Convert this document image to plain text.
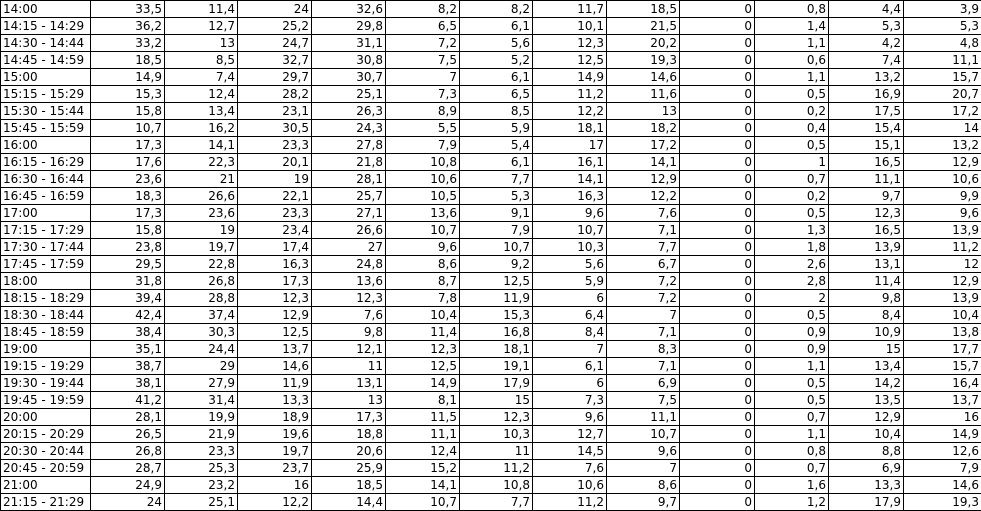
14:00	33,5	11,4	24	32,6	8,2	8,2	11,7	18,5	0	0,8	4,4	3,9
14:15 - 14:29	36,2	12,7	25,2	29,8	6,5	6,1	10,1	21,5	0	1,4	5,3	5,3
14:30 - 14:44	33,2	13	24,7	31,1	7,2	5,6	12,3	20,2	0	1,1	4,2	4,8
14:45 - 14:59	18,5	8,5	32,7	30,8	7,5	5,2	12,5	19,3	0	0,6	7,4	11,1
15:00	14,9	7,4	29,7	30,7	7	6,1	14,9	14,6	0	1,1	13,2	15,7
15:15 - 15:29	15,3	12,4	28,2	25,1	7,3	6,5	11,2	11,6	0	0,5	16,9	20,7
15:30 - 15:44	15,8	13,4	23,1	26,3	8,9	8,5	12,2	13	0	0,2	17,5	17,2
15:45 - 15:59	10,7	16,2	30,5	24,3	5,5	5,9	18,1	18,2	0	0,4	15,4	14
16:00	17,3	14,1	23,3	27,8	7,9	5,4	17	17,2	0	0,5	15,1	13,2
16:15 - 16:29	17,6	22,3	20,1	21,8	10,8	6,1	16,1	14,1	0	1	16,5	12,9
16:30 - 16:44	23,6	21	19	28,1	10,6	7,7	14,1	12,9	0	0,7	11,1	10,6
16:45 - 16:59	18,3	26,6	22,1	25,7	10,5	5,3	16,3	12,2	0	0,2	9,7	9,9
17:00	17,3	23,6	23,3	27,1	13,6	9,1	9,6	7,6	0	0,5	12,3	9,6
17:15 - 17:29	15,8	19	23,4	26,6	10,7	7,9	10,7	7,1	0	1,3	16,5	13,9
17:30 - 17:44	23,8	19,7	17,4	27	9,6	10,7	10,3	7,7	0	1,8	13,9	11,2
17:45 - 17:59	29,5	22,8	16,3	24,8	8,6	9,2	5,6	6,7	0	2,6	13,1	12
18:00	31,8	26,8	17,3	13,6	8,7	12,5	5,9	7,2	0	2,8	11,4	12,9
18:15 - 18:29	39,4	28,8	12,3	12,3	7,8	11,9	6	7,2	0	2	9,8	13,9
18:30 - 18:44	42,4	37,4	12,9	7,6	10,4	15,3	6,4	7	0	0,5	8,4	10,4
18:45 - 18:59	38,4	30,3	12,5	9,8	11,4	16,8	8,4	7,1	0	0,9	10,9	13,8
19:00	35,1	24,4	13,7	12,1	12,3	18,1	7	8,3	0	0,9	15	17,7
19:15 - 19:29	38,7	29	14,6	11	12,5	19,1	6,1	7,1	0	1,1	13,4	15,7
19:30 - 19:44	38,1	27,9	11,9	13,1	14,9	17,9	6	6,9	0	0,5	14,2	16,4
19:45 - 19:59	41,2	31,4	13,3	13	8,1	15	7,3	7,5	0	0,5	13,5	13,7
20:00	28,1	19,9	18,9	17,3	11,5	12,3	9,6	11,1	0	0,7	12,9	16
20:15 - 20:29	26,5	21,9	19,6	18,8	11,1	10,3	12,7	10,7	0	1,1	10,4	14,9
20:30 - 20:44	26,8	23,3	19,7	20,6	12,4	11	14,5	9,6	0	0,8	8,8	12,6
20:45 - 20:59	28,7	25,3	23,7	25,9	15,2	11,2	7,6	7	0	0,7	6,9	7,9
21:00	24,9	23,2	16	18,5	14,1	10,8	10,6	8,6	0	1,6	13,3	14,6
21:15 - 21:29	24	25,1	12,2	14,4	10,7	7,7	11,2	9,7	0	1,2	17,9	19,3
